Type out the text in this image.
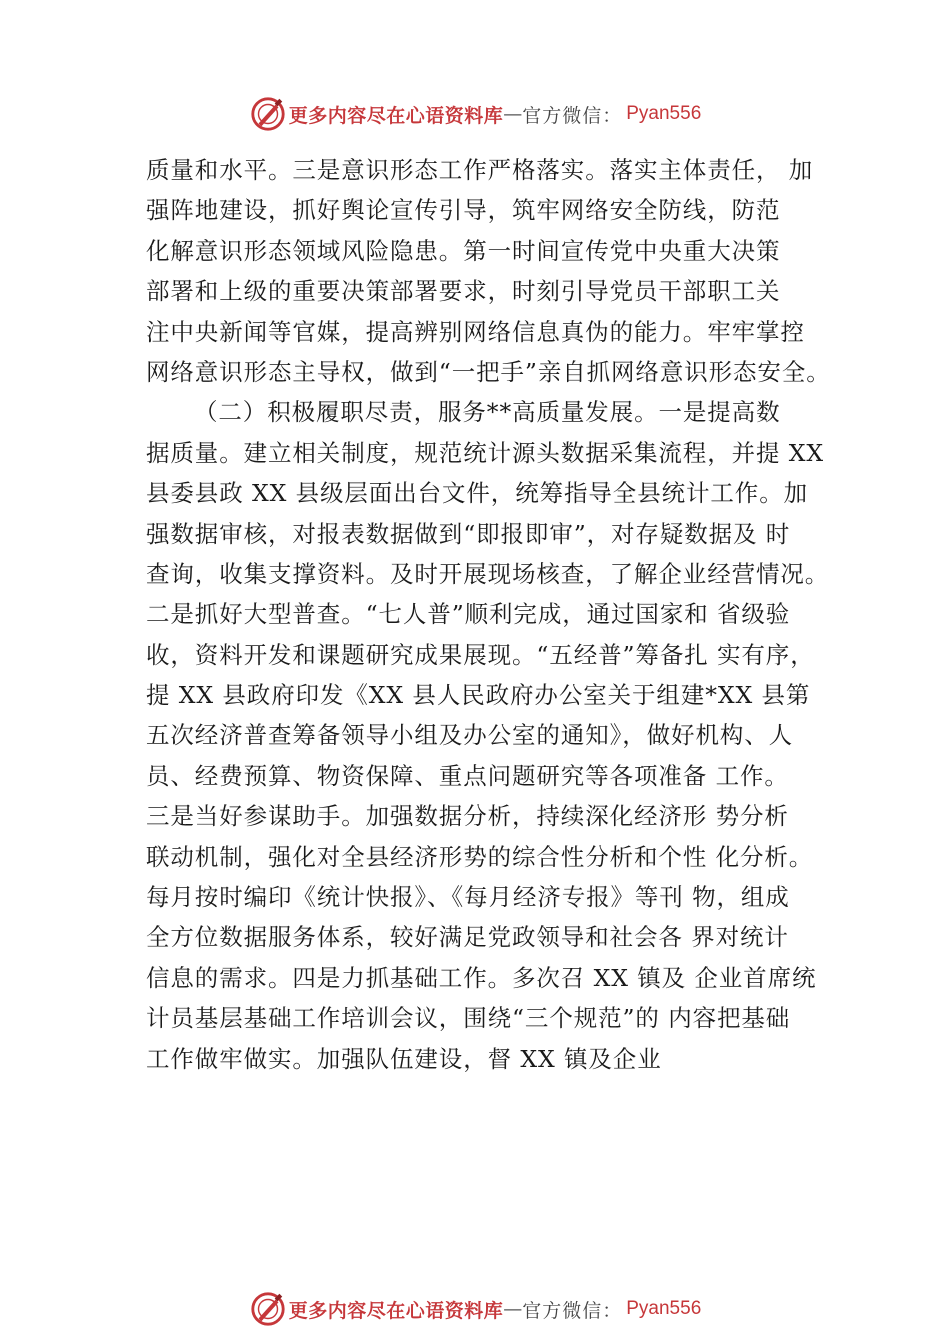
更多内容尽在心语资料库 — 官方微信： Pyan556
质量和水平。三是意识形态工作严格落实。落实主体责任， 加
强阵地建设，抓好舆论宣传引导，筑牢网络安全防线，防范
化解意识形态领域风险隐患。第一时间宣传党中央重大决策
部署和上级的重要决策部署要求，时刻引导党员干部职工关
注中央新闻等官媒，提高辨别网络信息真伪的能力。牢牢掌控
网络意识形态主导权，做到“一把手”亲自抓网络意识形态安全。
（二）积极履职尽责，服务**高质量发展。一是提高数
据质量。建立相关制度，规范统计源头数据采集流程，并提 XX
县委县政 XX 县级层面出台文件，统筹指导全县统计工作。加
强数据审核，对报表数据做到“即报即审”，对存疑数据及 时
查询，收集支撑资料。及时开展现场核查，了解企业经营情况。
二是抓好大型普查。“七人普”顺利完成，通过国家和 省级验
收，资料开发和课题研究成果展现。“五经普”筹备扎 实有序，
提 XX 县政府印发《XX 县人民政府办公室关于组建*XX 县第
五次经济普查筹备领导小组及办公室的通知》，做好机构、人
员、经费预算、物资保障、重点问题研究等各项准备 工作。
三是当好参谋助手。加强数据分析，持续深化经济形 势分析
联动机制，强化对全县经济形势的综合性分析和个性 化分析。
每月按时编印《统计快报》、《每月经济专报》等刊 物，组成
全方位数据服务体系，较好满足党政领导和社会各 界对统计
信息的需求。四是力抓基础工作。多次召 XX 镇及 企业首席统
计员基层基础工作培训会议，围绕“三个规范”的 内容把基础
工作做牢做实。加强队伍建设，督 XX 镇及企业
更多内容尽在心语资料库 — 官方微信： Pyan556
